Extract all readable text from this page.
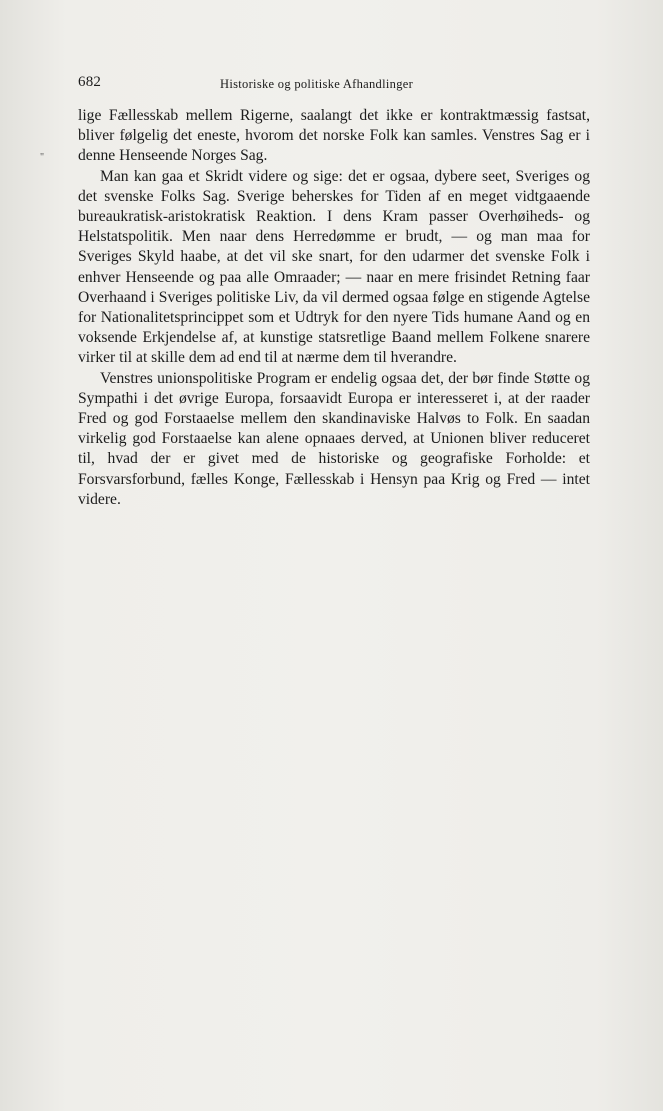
"
682	Historiske og politiske Afhandlinger

lige Fællesskab mellem Rigerne, saalangt det ikke er kontraktmæssig fastsat, bliver følgelig det eneste, hvorom det norske Folk kan samles. Venstres Sag er i denne Henseende Norges Sag.

Man kan gaa et Skridt videre og sige: det er ogsaa, dybere seet, Sveriges og det svenske Folks Sag. Sverige beherskes for Tiden af en meget vidtgaaende bureaukratisk-aristokratisk Reaktion. I dens Kram passer Overhøiheds- og Helstatspolitik. Men naar dens Herredømme er brudt, — og man maa for Sveriges Skyld haabe, at det vil ske snart, for den udarmer det svenske Folk i enhver Henseende og paa alle Omraader; — naar en mere frisindet Retning faar Overhaand i Sveriges politiske Liv, da vil dermed ogsaa følge en stigende Agtelse for Nationalitetsprincippet som et Udtryk for den nyere Tids humane Aand og en voksende Erkjendelse af, at kunstige statsretlige Baand mellem Folkene snarere virker til at skille dem ad end til at nærme dem til hverandre.

Venstres unionspolitiske Program er endelig ogsaa det, der bør finde Støtte og Sympathi i det øvrige Europa, forsaavidt Europa er interesseret i, at der raader Fred og god Forstaaelse mellem den skandinaviske Halvøs to Folk. En saadan virkelig god Forstaaelse kan alene opnaaes derved, at Unionen bliver reduceret til, hvad der er givet med de historiske og geografiske Forholde: et Forsvarsforbund, fælles Konge, Fællesskab i Hensyn paa Krig og Fred — intet videre.
